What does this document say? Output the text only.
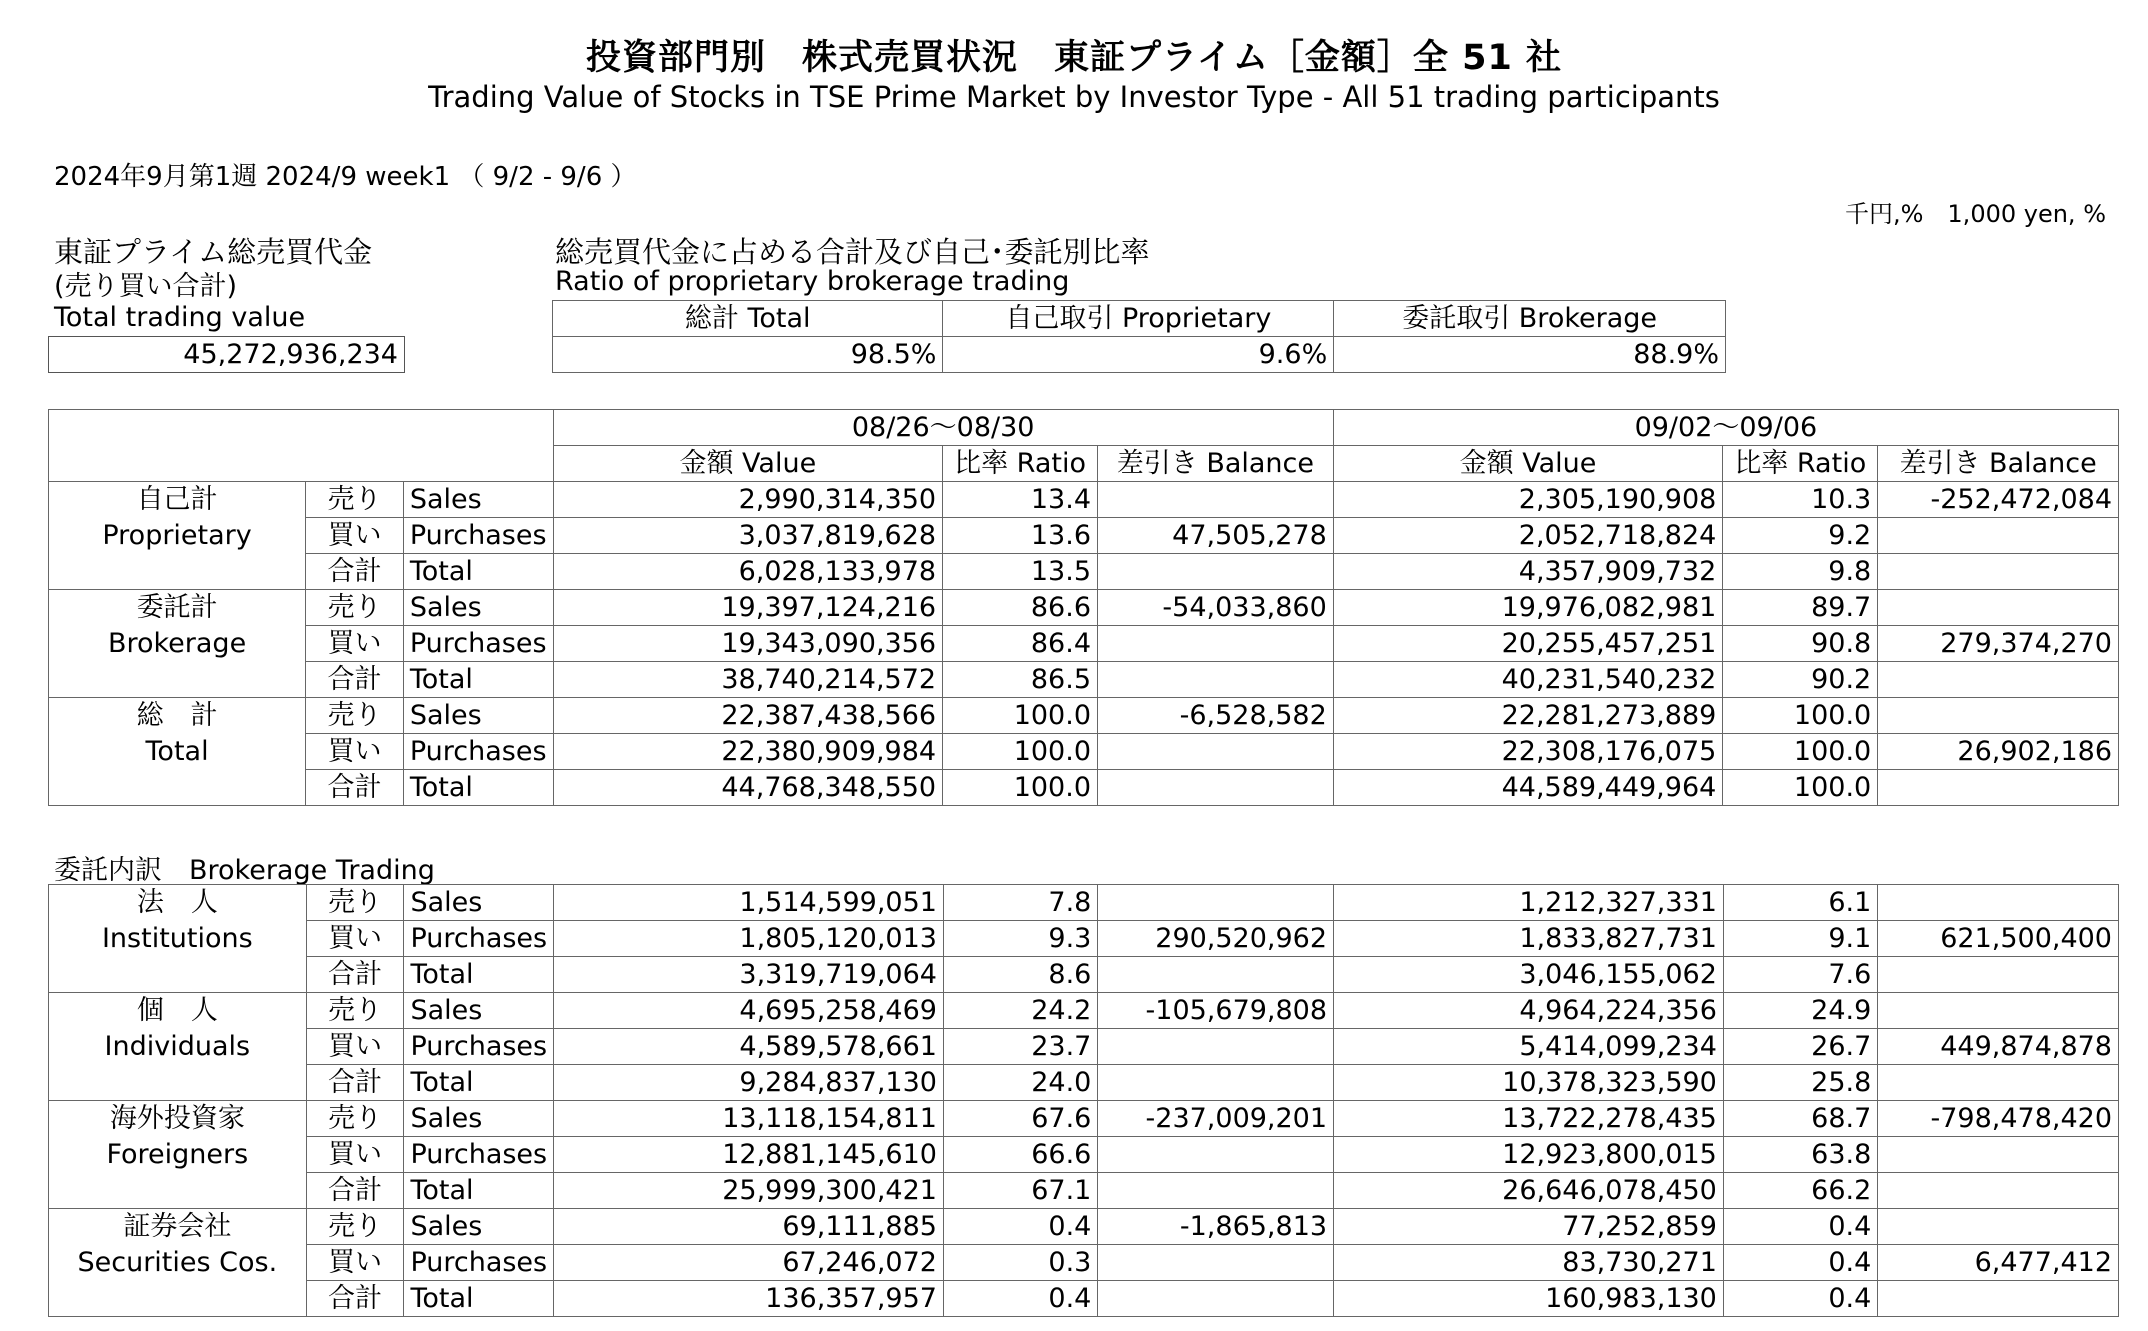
投資部門別　株式売買状況　東証プライム［金額］全 51 社
Trading Value of Stocks in TSE Prime Market by Investor Type - All 51 trading participants
2024年9月第1週 2024/9 week1 （ 9/2 - 9/6 ）
千円,%　1,000 yen, %
東証プライム総売買代金
(売り買い合計)
Total trading value
45,272,936,234
総売買代金に占める合計及び自己･委託別比率
Ratio of proprietary brokerage trading
総計 Total	自己取引 Proprietary	委託取引 Brokerage
98.5%	9.6%	88.9%
			08/26～08/30			09/02～09/06		
			金額 Value	比率 Ratio	差引き Balance	金額 Value	比率 Ratio	差引き Balance
自己計	売り	Sales	2,990,314,350	13.4		2,305,190,908	10.3	-252,472,084
Proprietary	買い	Purchases	3,037,819,628	13.6	47,505,278	2,052,718,824	9.2	
	合計	Total	6,028,133,978	13.5		4,357,909,732	9.8	
委託計	売り	Sales	19,397,124,216	86.6	-54,033,860	19,976,082,981	89.7	
Brokerage	買い	Purchases	19,343,090,356	86.4		20,255,457,251	90.8	279,374,270
	合計	Total	38,740,214,572	86.5		40,231,540,232	90.2	
総　計	売り	Sales	22,387,438,566	100.0	-6,528,582	22,281,273,889	100.0	
Total	買い	Purchases	22,380,909,984	100.0		22,308,176,075	100.0	26,902,186
	合計	Total	44,768,348,550	100.0		44,589,449,964	100.0	
委託内訳　Brokerage Trading
法　人	売り	Sales	1,514,599,051	7.8		1,212,327,331	6.1	
Institutions	買い	Purchases	1,805,120,013	9.3	290,520,962	1,833,827,731	9.1	621,500,400
	合計	Total	3,319,719,064	8.6		3,046,155,062	7.6	
個　人	売り	Sales	4,695,258,469	24.2	-105,679,808	4,964,224,356	24.9	
Individuals	買い	Purchases	4,589,578,661	23.7		5,414,099,234	26.7	449,874,878
	合計	Total	9,284,837,130	24.0		10,378,323,590	25.8	
海外投資家	売り	Sales	13,118,154,811	67.6	-237,009,201	13,722,278,435	68.7	-798,478,420
Foreigners	買い	Purchases	12,881,145,610	66.6		12,923,800,015	63.8	
	合計	Total	25,999,300,421	67.1		26,646,078,450	66.2	
証券会社	売り	Sales	69,111,885	0.4	-1,865,813	77,252,859	0.4	
Securities Cos.	買い	Purchases	67,246,072	0.3		83,730,271	0.4	6,477,412
	合計	Total	136,357,957	0.4		160,983,130	0.4	
